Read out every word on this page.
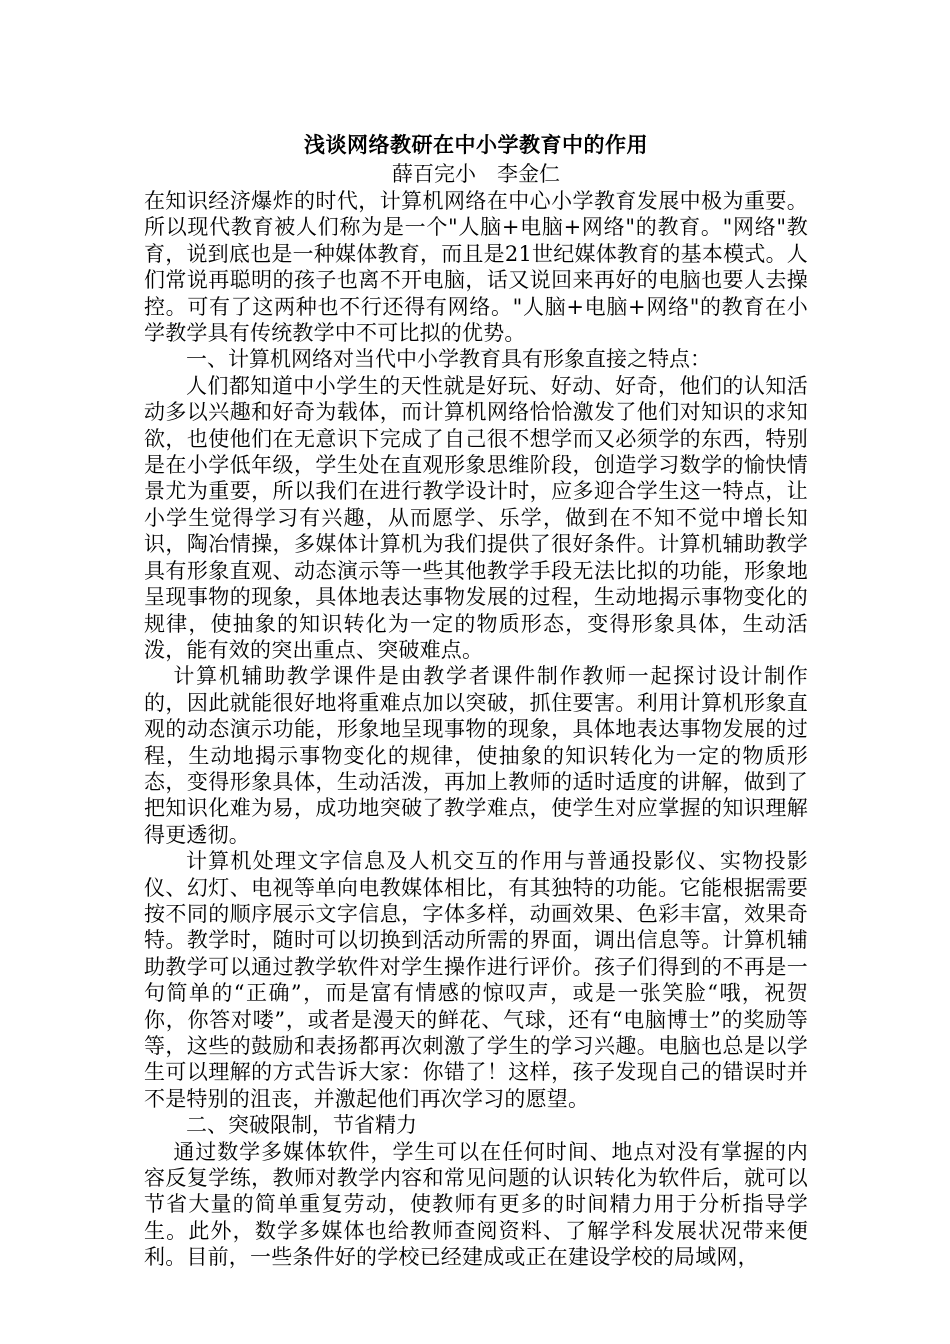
浅谈网络教研在中小学教育中的作用

薛百完小　李金仁

在知识经济爆炸的时代，计算机网络在中心小学教育发展中极为重要。所以现代教育被人们称为是一个"人脑+电脑+网络"的教育。"网络"教育，说到底也是一种媒体教育，而且是21世纪媒体教育的基本模式。人们常说再聪明的孩子也离不开电脑，话又说回来再好的电脑也要人去操控。可有了这两种也不行还得有网络。"人脑+电脑+网络"的教育在小学教学具有传统教学中不可比拟的优势。

一、计算机网络对当代中小学教育具有形象直接之特点：

人们都知道中小学生的天性就是好玩、好动、好奇，他们的认知活动多以兴趣和好奇为载体，而计算机网络恰恰激发了他们对知识的求知欲，也使他们在无意识下完成了自己很不想学而又必须学的东西，特别是在小学低年级，学生处在直观形象思维阶段，创造学习数学的愉快情景尤为重要，所以我们在进行教学设计时，应多迎合学生这一特点，让小学生觉得学习有兴趣，从而愿学、乐学，做到在不知不觉中增长知识，陶冶情操，多媒体计算机为我们提供了很好条件。计算机辅助教学具有形象直观、动态演示等一些其他教学手段无法比拟的功能，形象地呈现事物的现象，具体地表达事物发展的过程，生动地揭示事物变化的规律，使抽象的知识转化为一定的物质形态，变得形象具体，生动活泼，能有效的突出重点、突破难点。

计算机辅助教学课件是由教学者课件制作教师一起探讨设计制作的，因此就能很好地将重难点加以突破，抓住要害。利用计算机形象直观的动态演示功能，形象地呈现事物的现象，具体地表达事物发展的过程，生动地揭示事物变化的规律，使抽象的知识转化为一定的物质形态，变得形象具体，生动活泼，再加上教师的适时适度的讲解，做到了把知识化难为易，成功地突破了教学难点，使学生对应掌握的知识理解得更透彻。

计算机处理文字信息及人机交互的作用与普通投影仪、实物投影仪、幻灯、电视等单向电教媒体相比，有其独特的功能。它能根据需要按不同的顺序展示文字信息，字体多样，动画效果、色彩丰富，效果奇特。教学时，随时可以切换到活动所需的界面，调出信息等。计算机辅助教学可以通过教学软件对学生操作进行评价。孩子们得到的不再是一句简单的“正确”，而是富有情感的惊叹声，或是一张笑脸“哦，祝贺你，你答对喽”，或者是漫天的鲜花、气球，还有“电脑博士”的奖励等等，这些的鼓励和表扬都再次刺激了学生的学习兴趣。电脑也总是以学生可以理解的方式告诉大家：你错了！这样，孩子发现自己的错误时并不是特别的沮丧，并激起他们再次学习的愿望。

二、突破限制，节省精力

通过数学多媒体软件，学生可以在任何时间、地点对没有掌握的内容反复学练，教师对教学内容和常见问题的认识转化为软件后，就可以节省大量的简单重复劳动，使教师有更多的时间精力用于分析指导学生。此外，数学多媒体也给教师查阅资料、了解学科发展状况带来便利。目前，一些条件好的学校已经建成或正在建设学校的局域网，
